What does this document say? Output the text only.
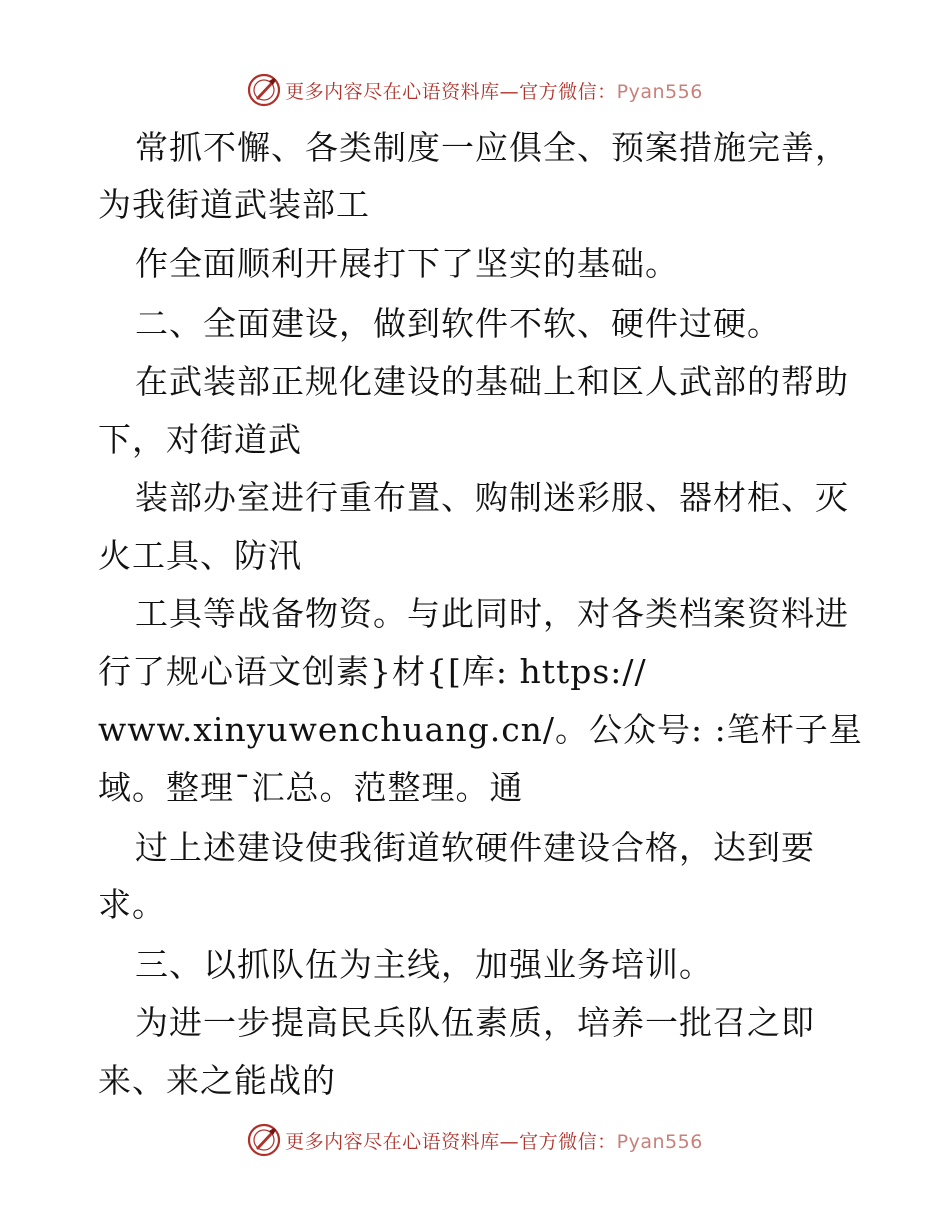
更多内容尽在心语资料库—官方微信：Pyan556
常抓不懈、各类制度一应俱全、预案措施完善，
为我街道武装部工
作全面顺利开展打下了坚实的基础。
二、全面建设，做到软件不软、硬件过硬。
在武装部正规化建设的基础上和区人武部的帮助
下，对街道武
装部办室进行重布置、购制迷彩服、器材柜、灭
火工具、防汛
工具等战备物资。与此同时，对各类档案资料进
行了规心语文创素}材{[库: https://
www.xinyuwenchuang.cn/。公众号: :笔杆子星
域。整理¯汇总。范整理。通
过上述建设使我街道软硬件建设合格，达到要
求。
三、以抓队伍为主线，加强业务培训。
为进一步提高民兵队伍素质，培养一批召之即
来、来之能战的
更多内容尽在心语资料库—官方微信：Pyan556
